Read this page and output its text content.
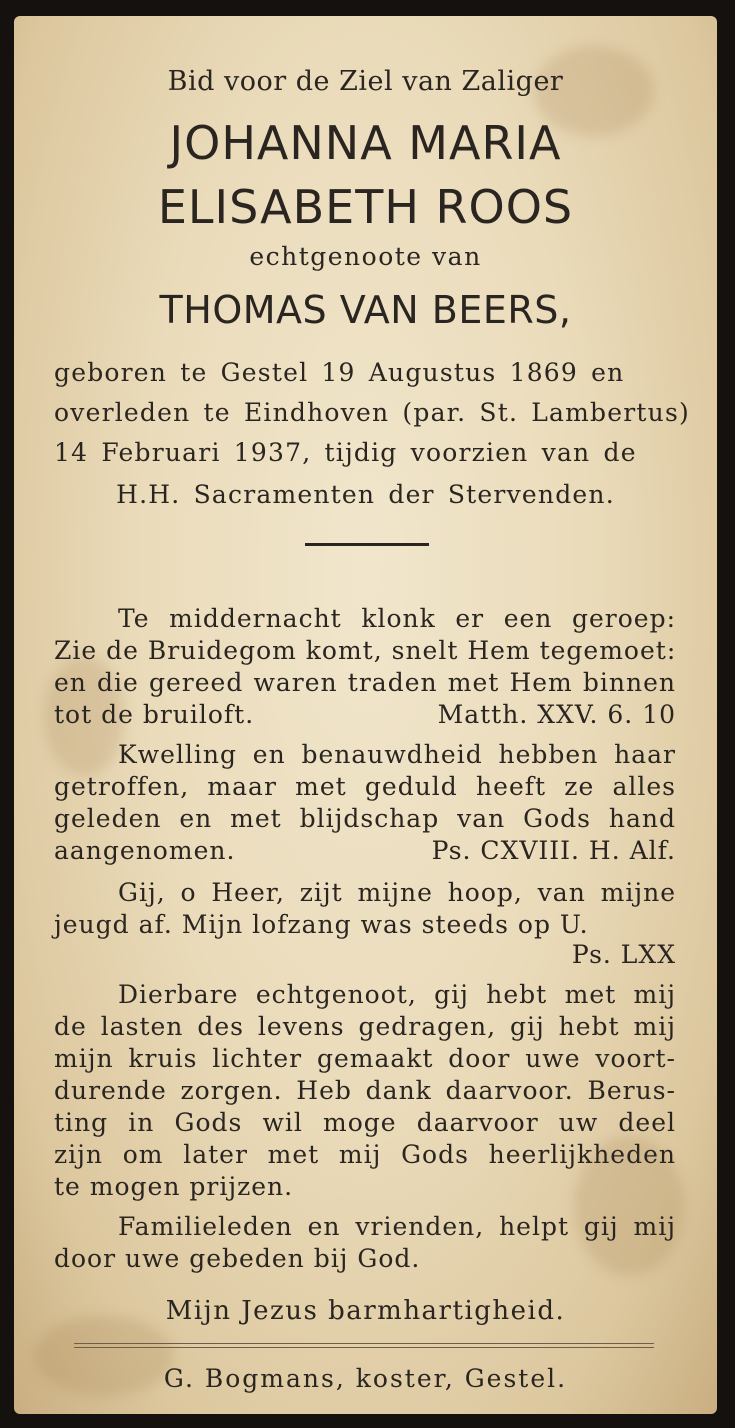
Bid voor de Ziel van Zaliger
JOHANNA MARIA
ELISABETH ROOS
echtgenoote van
THOMAS VAN BEERS,
geboren te Gestel 19 Augustus 1869 en
overleden te Eindhoven (par. St. Lambertus)
14 Februari 1937, tijdig voorzien van de
H.H. Sacramenten der Stervenden.
Te middernacht klonk er een geroep:
Zie de Bruidegom komt, snelt Hem tegemoet:
en die gereed waren traden met Hem binnen
tot de bruiloft.	Matth. XXV. 6. 10
Kwelling en benauwdheid hebben haar
getroffen, maar met geduld heeft ze alles
geleden en met blijdschap van Gods hand
aangenomen.	Ps. CXVIII. H. Alf.
Gij, o Heer, zijt mijne hoop, van mijne
jeugd af. Mijn lofzang was steeds op U.
Ps. LXX
Dierbare echtgenoot, gij hebt met mij
de lasten des levens gedragen, gij hebt mij
mijn kruis lichter gemaakt door uwe voort-
durende zorgen. Heb dank daarvoor. Berus-
ting in Gods wil moge daarvoor uw deel
zijn om later met mij Gods heerlijkheden
te mogen prijzen.
Familieleden en vrienden, helpt gij mij
door uwe gebeden bij God.
Mijn Jezus barmhartigheid.
G. Bogmans, koster, Gestel.
